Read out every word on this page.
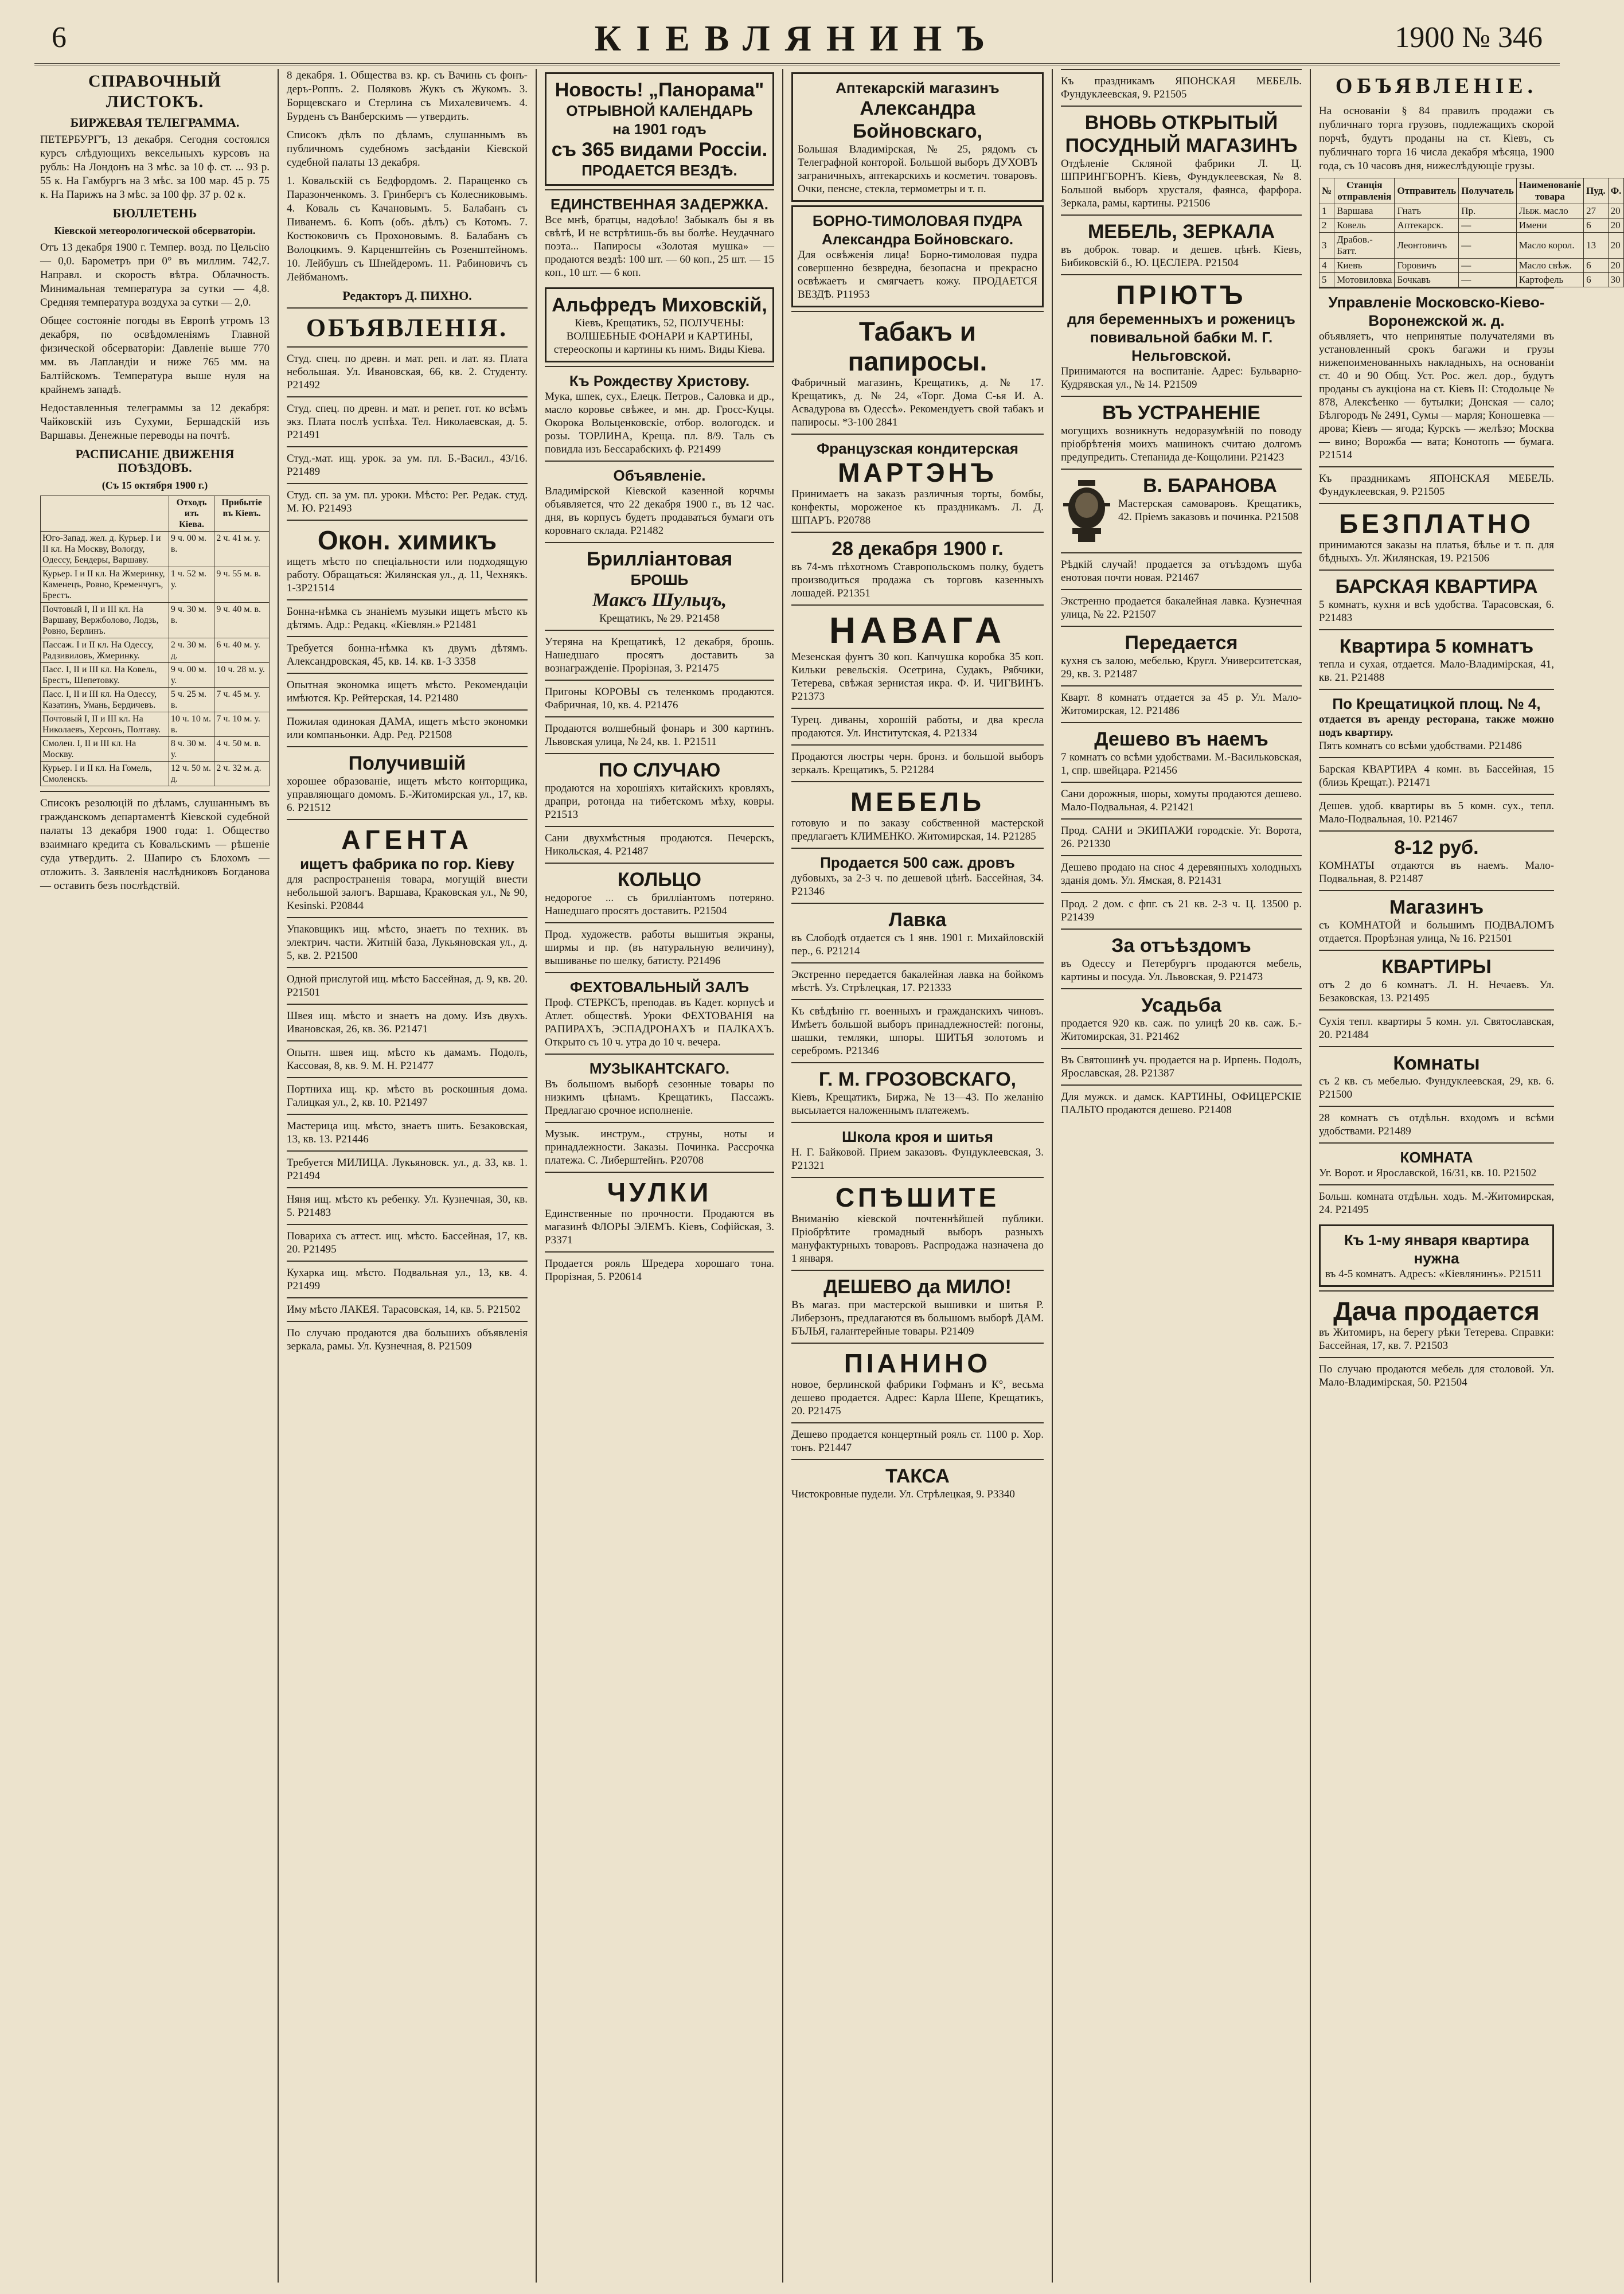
6	КІЕВЛЯНИНЪ	1900 № 346
СПРАВОЧНЫЙ ЛИСТОКЪ.
БИРЖЕВАЯ ТЕЛЕГРАММА.

ПЕТЕРБУРГЪ, 13 декабря. Сегодня состоялся курсъ слѣдующихъ вексельныхъ курсовъ на рубль: На Лондонъ на 3 мѣс. за 10 ф. ст. ... 93 р. 55 к. На Гамбургъ на 3 мѣс. за 100 мар. 45 р. 75 к. На Парижъ на 3 мѣс. за 100 фр. 37 р. 02 к.

БЮЛЛЕТЕНЬ
Кіевской метеорологической обсерваторіи.

Отъ 13 декабря 1900 г. Темпер. возд. по Цельсію — 0,0. Барометръ при 0° въ миллим. 742,7. Направл. и скорость вѣтра. Облачность. Минимальная температура за сутки — 4,8. Средняя температура воздуха за сутки — 2,0.

Общее состояніе погоды въ Европѣ утромъ 13 декабря, по освѣдомленіямъ Главной физической обсерваторіи: Давленіе выше 770 мм. въ Лапландіи и ниже 765 мм. на Балтійскомъ. Температура выше нуля на крайнемъ западѣ.

Недоставленныя телеграммы за 12 декабря: Чайковскій изъ Сухуми, Бершадскій изъ Варшавы. Денежные переводы на почтѣ.

РАСПИСАНІЕ ДВИЖЕНІЯ ПОѢЗДОВЪ.
(Съ 15 октября 1900 г.)
	Отходъ изъ Кіева.	Прибытіе въ Кіевъ.
Юго-Запад. жел. д. Курьер. I и II кл. На Москву, Вологду, Одессу, Бендеры, Варшаву.	9 ч. 00 м. в.	2 ч. 41 м. у.
Курьер. I и II кл. На Жмеринку, Каменецъ, Ровно, Кременчугъ, Брестъ.	1 ч. 52 м. у.	9 ч. 55 м. в.
Почтовый I, II и III кл. На Варшаву, Вержболово, Лодзь, Ровно, Берлинъ.	9 ч. 30 м. в.	9 ч. 40 м. в.
Пассаж. I и II кл. На Одессу, Радзивиловъ, Жмеринку.	2 ч. 30 м. д.	6 ч. 40 м. у.
Пасс. I, II и III кл. На Ковель, Брестъ, Шепетовку.	9 ч. 00 м. у.	10 ч. 28 м. у.
Пасс. I, II и III кл. На Одессу, Казатинъ, Умань, Бердичевъ.	5 ч. 25 м. в.	7 ч. 45 м. у.
Почтовый I, II и III кл. На Николаевъ, Херсонъ, Полтаву.	10 ч. 10 м. в.	7 ч. 10 м. у.
Смолен. I, II и III кл. На Москву.	8 ч. 30 м. у.	4 ч. 50 м. в.
Курьер. I и II кл. На Гомель, Смоленскъ.	12 ч. 50 м. д.	2 ч. 32 м. д.

Списокъ резолюцій по дѣламъ, слушаннымъ въ гражданскомъ департаментѣ Кіевской судебной палаты 13 декабря 1900 года: 1. Общество взаимнаго кредита съ Ковальскимъ — рѣшеніе суда утвердить. 2. Шапиро съ Блохомъ — отложить. 3. Заявленія наслѣдниковъ Богданова — оставить безъ послѣдствій.

8 декабря. 1. Общества вз. кр. съ Вачинь съ фонъ-деръ-Роппъ. 2. Поляковъ Жукъ съ Жукомъ. 3. Борщевскаго и Стерлина съ Михалевичемъ. 4. Бурденъ съ Ванберскимъ — утвердить.

Списокъ дѣлъ по дѣламъ, слушаннымъ въ публичномъ судебномъ засѣданіи Кіевской судебной палаты 13 декабря.

1. Ковальскій съ Бедфордомъ. 2. Паращенко съ Паразонченкомъ. 3. Гринбергъ съ Колесниковымъ. 4. Коваль съ Качановымъ. 5. Балабанъ съ Пиванемъ. 6. Копъ (объ. дѣлъ) съ Котомъ. 7. Костюковичъ съ Прохоновымъ. 8. Балабанъ съ Волоцкимъ. 9. Карценштейнъ съ Розенштейномъ. 10. Лейбушъ съ Шнейдеромъ. 11. Рабиновичъ съ Лейбманомъ.

Редакторъ Д. ПИХНО.
ОБЪЯВЛЕНІЯ.
Студ. спец. по древн. и мат. реп. и лат. яз. Плата небольшая. Ул. Ивановская, 66, кв. 2. Студенту. Р21492
Студ. спец. по древн. и мат. и репет. гот. ко всѣмъ экз. Плата послѣ успѣха. Тел. Николаевская, д. 5. Р21491
Студ.-мат. ищ. урок. за ум. пл. Б.-Васил., 43/16. Р21489
Студ. сп. за ум. пл. уроки. Мѣсто: Рег. Редак. студ. М. Ю. Р21493
Окон. химикъ
ищетъ мѣсто по спеціальности или подходящую работу. Обращаться: Жилянская ул., д. 11, Чехнякъ. 1-3Р21514
Бонна-нѣмка съ знаніемъ музыки ищетъ мѣсто къ дѣтямъ. Адр.: Редакц. «Кіевлян.» Р21481
Требуется бонна-нѣмка къ двумъ дѣтямъ. Александровская, 45, кв. 14. кв. 1-3 3358
Опытная экономка ищетъ мѣсто. Рекомендаціи имѣются. Кр. Рейтерская, 14. Р21480
Пожилая одинокая ДАМА, ищетъ мѣсто экономки или компаньонки. Адр. Ред. Р21508
Получившій
хорошее образованіе, ищетъ мѣсто конторщика, управляющаго домомъ. Б.-Житомирская ул., 17, кв. 6. Р21512
АГЕНТА
ищетъ фабрика по гор. Кіеву
для распространенія товара, могущій внести небольшой залогъ. Варшава, Краковская ул., № 90, Kesinski. Р20844
Упаковщикъ ищ. мѣсто, знаетъ по техник. въ электрич. части. Житній база, Лукьяновская ул., д. 5, кв. 2. Р21500
Одной прислугой ищ. мѣсто Бассейная, д. 9, кв. 20. Р21501
Швея ищ. мѣсто и знаетъ на дому. Изъ двухъ. Ивановская, 26, кв. 36. Р21471
Опытн. швея ищ. мѣсто къ дамамъ. Подолъ, Кассовая, 8, кв. 9. М. Н. Р21477
Портниха ищ. кр. мѣсто въ роскошныя дома. Галицкая ул., 2, кв. 10. Р21497
Мастерица ищ. мѣсто, знаетъ шить. Безаковская, 13, кв. 13. Р21446
Требуется МИЛИЦА. Лукьяновск. ул., д. 33, кв. 1. Р21494
Няня ищ. мѣсто къ ребенку. Ул. Кузнечная, 30, кв. 5. Р21483
Повариха съ аттест. ищ. мѣсто. Бассейная, 17, кв. 20. Р21495
Кухарка ищ. мѣсто. Подвальная ул., 13, кв. 4. Р21499
Иму мѣсто ЛАКЕЯ. Тарасовская, 14, кв. 5. Р21502
По случаю продаются два большихъ объявленія зеркала, рамы. Ул. Кузнечная, 8. Р21509
Новость! „Панорама"
ОТРЫВНОЙ КАЛЕНДАРЬ
на 1901 годъ
съ 365 видами Россіи.
ПРОДАЕТСЯ ВЕЗДѢ.
ЕДИНСТВЕННАЯ ЗАДЕРЖКА.
Все мнѣ, братцы, надоѣло! Забыкалъ бы я въ свѣтѣ, И не встрѣтишь-бъ вы болѣе. Неудачнаго поэта... Папиросы «Золотая мушка» — продаются вездѣ: 100 шт. — 60 коп., 25 шт. — 15 коп., 10 шт. — 6 коп.
Альфредъ Миховскій,
Кіевъ, Крещатикъ, 52, ПОЛУЧЕНЫ: ВОЛШЕБНЫЕ ФОНАРИ и КАРТИНЫ, стереоскопы и картины къ нимъ. Виды Кіева.
Къ Рождеству Христову.
Мука, шпек, сух., Елецк. Петров., Саловка и др., масло коровье свѣжее, и мн. др. Гросс-Куцы. Окорока Вольценковскіе, отбор. вологодск. и розы. ТОРЛИНА, Креща. пл. 8/9. Таль съ повидла изъ Бессарабскихъ ф. Р21499
Объявленіе.
Владимірской Кіевской казенной корчмы объявляется, что 22 декабря 1900 г., въ 12 час. дня, въ корпусъ будетъ продаваться бумаги отъ коровнаго склада. Р21482
Бриллiантовая
БРОШЬ
Максъ Шульцъ,
Крещатикъ, № 29. Р21458
Утеряна на Крещатикѣ, 12 декабря, брошь. Нашедшаго просятъ доставить за вознагражденіе. Прорізная, 3. Р21475
Пригоны КОРОВЫ съ теленкомъ продаются. Фабричная, 10, кв. 4. Р21476
Продаются волшебный фонарь и 300 картинъ. Львовская улица, № 24, кв. 1. Р21511
ПО СЛУЧАЮ
продаются на хорошіяхъ китайскихъ кровляхъ, драпри, ротонда на тибетскомъ мѣху, ковры. Р21513
Сани двухмѣстныя продаются. Печерскъ, Никольская, 4. Р21487
КОЛЬЦО
недорогое ... съ брилліантомъ потеряно. Нашедшаго просятъ доставить. Р21504
Прод. художеств. работы вышитыя экраны, ширмы и пр. (въ натуральную величину), вышиванье по шелку, батисту. Р21496
ФЕХТОВАЛЬНЫЙ ЗАЛЪ
Проф. СТЕРКСЪ, преподав. въ Кадет. корпусѣ и Атлет. обществѣ. Уроки ФЕХТОВАНІЯ на РАПИРАХЪ, ЭСПАДРОНАХЪ и ПАЛКАХЪ. Открыто съ 10 ч. утра до 10 ч. вечера.
МУЗЫКАНТСКАГО.
Въ большомъ выборѣ сезонные товары по низкимъ цѣнамъ. Крещатикъ, Пассажъ. Предлагаю срочное исполненіе.
Музык. инструм., струны, ноты и принадлежности. Заказы. Починка. Рассрочка платежа. С. Либерштейнъ. Р20708
ЧУЛКИ
Единственные по прочности. Продаются въ магазинѣ ФЛОРЫ ЭЛЕМЪ. Кіевъ, Софійская, 3. Р3371
Продается рояль Шредера хорошаго тона. Прорізная, 5. Р20614
Аптекарскій магазинъ
Александра Бойновскаго,
Большая Владимірская, № 25, рядомъ съ Телеграфной конторой. Большой выборъ ДУХОВЪ заграничныхъ, аптекарскихъ и косметич. товаровъ. Очки, пенсне, стекла, термометры и т. п.
БОРНО-ТИМОЛОВАЯ ПУДРА
Александра Бойновскаго.
Для освѣженія лица! Борно-тимоловая пудра совершенно безвредна, безопасна и прекрасно освѣжаетъ и смягчаетъ кожу. ПРОДАЕТСЯ ВЕЗДѢ. Р11953
Табакъ и папиросы.
Фабричный магазинъ, Крещатикъ, д. № 17. Крещатикъ, д. № 24, «Торг. Дома С-ья И. А. Асвадурова въ Одессѣ». Рекомендуетъ свой табакъ и папиросы. *3-100 2841
Французская кондитерская
МАРТЭНЪ
Принимаетъ на заказъ различныя торты, бомбы, конфекты, мороженое къ праздникамъ. Л. Д. ШПАРЪ. Р20788
28 декабря 1900 г.
въ 74-мъ пѣхотномъ Ставропольскомъ полку, будетъ производиться продажа съ торговъ казенныхъ лошадей. Р21351
НАВАГА
Мезенская фунтъ 30 коп. Капчушка коробка 35 коп. Кильки ревельскія. Осетрина, Судакъ, Рябчики, Тетерева, свѣжая зернистая икра. Ф. И. ЧИГВИНЪ. Р21373
Турец. диваны, хорошій работы, и два кресла продаются. Ул. Институтская, 4. Р21334
Продаются люстры черн. бронз. и большой выборъ зеркалъ. Крещатикъ, 5. Р21284
МЕБЕЛЬ
готовую и по заказу собственной мастерской предлагаетъ КЛИМЕНКО. Житомирская, 14. Р21285
Продается 500 саж. дровъ
дубовыхъ, за 2-3 ч. по дешевой цѣнѣ. Бассейная, 34. Р21346
Лавка
въ Слободѣ отдается съ 1 янв. 1901 г. Михайловскій пер., 6. Р21214
Экстренно передается бакалейная лавка на бойкомъ мѣстѣ. Уз. Стрѣлецкая, 17. Р21333
Къ свѣдѣнію гг. военныхъ и гражданскихъ чиновъ. Имѣетъ большой выборъ принадлежностей: погоны, шашки, темляки, шпоры. ШИТЬЯ золотомъ и серебромъ. Р21346
Г. М. ГРОЗОВСКАГО,
Кіевъ, Крещатикъ, Биржа, № 13—43. По желанію высылается наложеннымъ платежемъ.
Школа кроя и шитья
Н. Г. Байковой. Прием заказовъ. Фундуклеевская, 3. Р21321
СПѢШИТЕ
Вниманію кіевской почтеннѣйшей публики. Пріобрѣтите громадный выборъ разныхъ мануфактурныхъ товаровъ. Распродажа назначена до 1 января.
ДЕШЕВО да МИЛО!
Въ магаз. при мастерской вышивки и шитья Р. Либерзонъ, предлагаются въ большомъ выборѣ ДАМ. БЪЛЬЯ, галантерейные товары. Р21409
ПІАНИНО
новое, берлинской фабрики Гофманъ и К°, весьма дешево продается. Адрес: Карла Шепе, Крещатикъ, 20. Р21475
Дешево продается концертный рояль ст. 1100 р. Хор. тонъ. Р21447
ТАКСА
Чистокровные пудели. Ул. Стрѣлецкая, 9. Р3340
Къ праздникамъ ЯПОНСКАЯ МЕБЕЛЬ. Фундуклеевская, 9. Р21505
ВНОВЬ ОТКРЫТЫЙ ПОСУДНЫЙ МАГАЗИНЪ
Отдѣленіе Скляной фабрики Л. Ц. ШПРИНГБОРНЪ. Кіевъ, Фундуклеевская, № 8. Большой выборъ хрусталя, фаянса, фарфора. Зеркала, рамы, картины. Р21506
МЕБЕЛЬ, ЗЕРКАЛА
въ доброк. товар. и дешев. цѣнѣ. Кіевъ, Бибиковскій б., Ю. ЦЕСЛЕРА. Р21504
ПРІЮТЪ
для беременныхъ и роженицъ повивальной бабки М. Г. Нельговской.
Принимаются на воспитаніе. Адрес: Бульварно-Кудрявская ул., № 14. Р21509
ВЪ УСТРАНЕНІЕ
могущихъ возникнуть недоразумѣній по поводу пріобрѣтенія моихъ машинокъ считаю долгомъ предупредить. Степанида де-Кощолини. Р21423
В. БАРАНОВА
Мастерская самоваровъ. Крещатикъ, 42. Пріемъ заказовъ и починка. Р21508
Рѣдкій случай! продается за отъѣздомъ шуба енотовая почти новая. Р21467
Экстренно продается бакалейная лавка. Кузнечная улица, № 22. Р21507
Передается
кухня съ залою, мебелью, Кругл. Университетская, 29, кв. 3. Р21487
Кварт. 8 комнатъ отдается за 45 р. Ул. Мало-Житомирская, 12. Р21486
Дешево въ наемъ
7 комнатъ со всѣми удобствами. М.-Васильковская, 1, спр. швейцара. Р21456
Сани дорожныя, шоры, хомуты продаются дешево. Мало-Подвальная, 4. Р21421
Прод. САНИ и ЭКИПАЖИ городскіе. Уг. Ворота, 26. Р21330
Дешево продаю на снос 4 деревянныхъ холодныхъ зданія домъ. Ул. Ямская, 8. Р21431
Прод. 2 дом. с фпг. съ 21 кв. 2-3 ч. Ц. 13500 р. Р21439
За отъѣздомъ
въ Одессу и Петербургъ продаются мебель, картины и посуда. Ул. Львовская, 9. Р21473
Усадьба
продается 920 кв. саж. по улицѣ 20 кв. саж. Б.-Житомирская, 31. Р21462
Въ Святошинѣ уч. продается на р. Ирпень. Подолъ, Ярославская, 28. Р21387
Для мужск. и дамск. КАРТИНЫ, ОФИЦЕРСКІЕ ПАЛЬТО продаются дешево. Р21408
ОБЪЯВЛЕНІЕ.

На основаніи § 84 правилъ продажи съ публичнаго торга грузовъ, подлежащихъ скорой порчѣ, будутъ проданы на ст. Кіевъ, съ публичнаго торга 16 числа декабря мѣсяца, 1900 года, съ 10 часовъ дня, нижеслѣдующіе грузы.

№	Станція отправленія	Отправитель	Получатель	Наименованіе товара	Пуд.	Ф.
1	Варшава	Гнатъ	Пр.	Лыж. масло	27	20
2	Ковель	Аптекарск.	—	Имени	6	20
3	Драбов.-Батт.	Леонтовичъ	—	Масло корол.	13	20
4	Киевъ	Горовичъ	—	Масло свѣж.	6	20
5	Мотовиловка	Бочкавъ	—	Картофель	6	30
Управленіе Московско-Кіево-Воронежской ж. д.
объявляетъ, что непринятые получателями въ установленный срокъ багажи и грузы нижепоименованныхъ накладныхъ, на основаніи ст. 40 и 90 Общ. Уст. Рос. жел. дор., будутъ проданы съ аукціона на ст. Кіевъ II: Стодольце № 878, Алексѣенко — бутылки; Донская — сало; Бѣлгородъ № 2491, Сумы — марля; Коношевка — дрова; Кіевъ — ягода; Курскъ — желѣзо; Москва — вино; Ворожба — вата; Конотопъ — бумага. Р21514
Къ праздникамъ ЯПОНСКАЯ МЕБЕЛЬ. Фундуклеевская, 9. Р21505
БЕЗПЛАТНО
принимаются заказы на платья, бѣлье и т. п. для бѣдныхъ. Ул. Жилянская, 19. Р21506
БАРСКАЯ КВАРТИРА
5 комнатъ, кухня и всѣ удобства. Тарасовская, 6. Р21483
Квартира 5 комнатъ
тепла и сухая, отдается. Мало-Владимірская, 41, кв. 21. Р21488
По Крещатицкой площ. № 4,
отдается въ аренду ресторана, также можно подъ квартиру.
Пятъ комнатъ со всѣми удобствами. Р21486
Барская КВАРТИРА 4 комн. въ Бассейная, 15 (близь Крещат.). Р21471
Дешев. удоб. квартиры въ 5 комн. сух., тепл. Мало-Подвальная, 10. Р21467
8-12 руб.
КОМНАТЫ отдаются въ наемъ. Мало-Подвальная, 8. Р21487
Магазинъ
съ КОМНАТОЙ и большимъ ПОДВАЛОМЪ отдается. Прорѣзная улица, № 16. Р21501
КВАРТИРЫ
отъ 2 до 6 комнатъ. Л. Н. Нечаевъ. Ул. Безаковская, 13. Р21495
Сухія тепл. квартиры 5 комн. ул. Святославская, 20. Р21484
Комнаты
съ 2 кв. съ мебелью. Фундуклеевская, 29, кв. 6. Р21500
28 комнатъ съ отдѣльн. входомъ и всѣми удобствами. Р21489
КОМНАТА
Уг. Ворот. и Ярославской, 16/31, кв. 10. Р21502
Больш. комната отдѣльн. ходъ. М.-Житомирская, 24. Р21495
Къ 1-му января квартира нужна
въ 4-5 комнатъ. Адресъ: «Кіевлянинъ». Р21511
Дача продается
въ Житомиръ, на берегу рѣки Тетерева. Справки: Бассейная, 17, кв. 7. Р21503
По случаю продаются мебель для столовой. Ул. Мало-Владимірская, 50. Р21504
